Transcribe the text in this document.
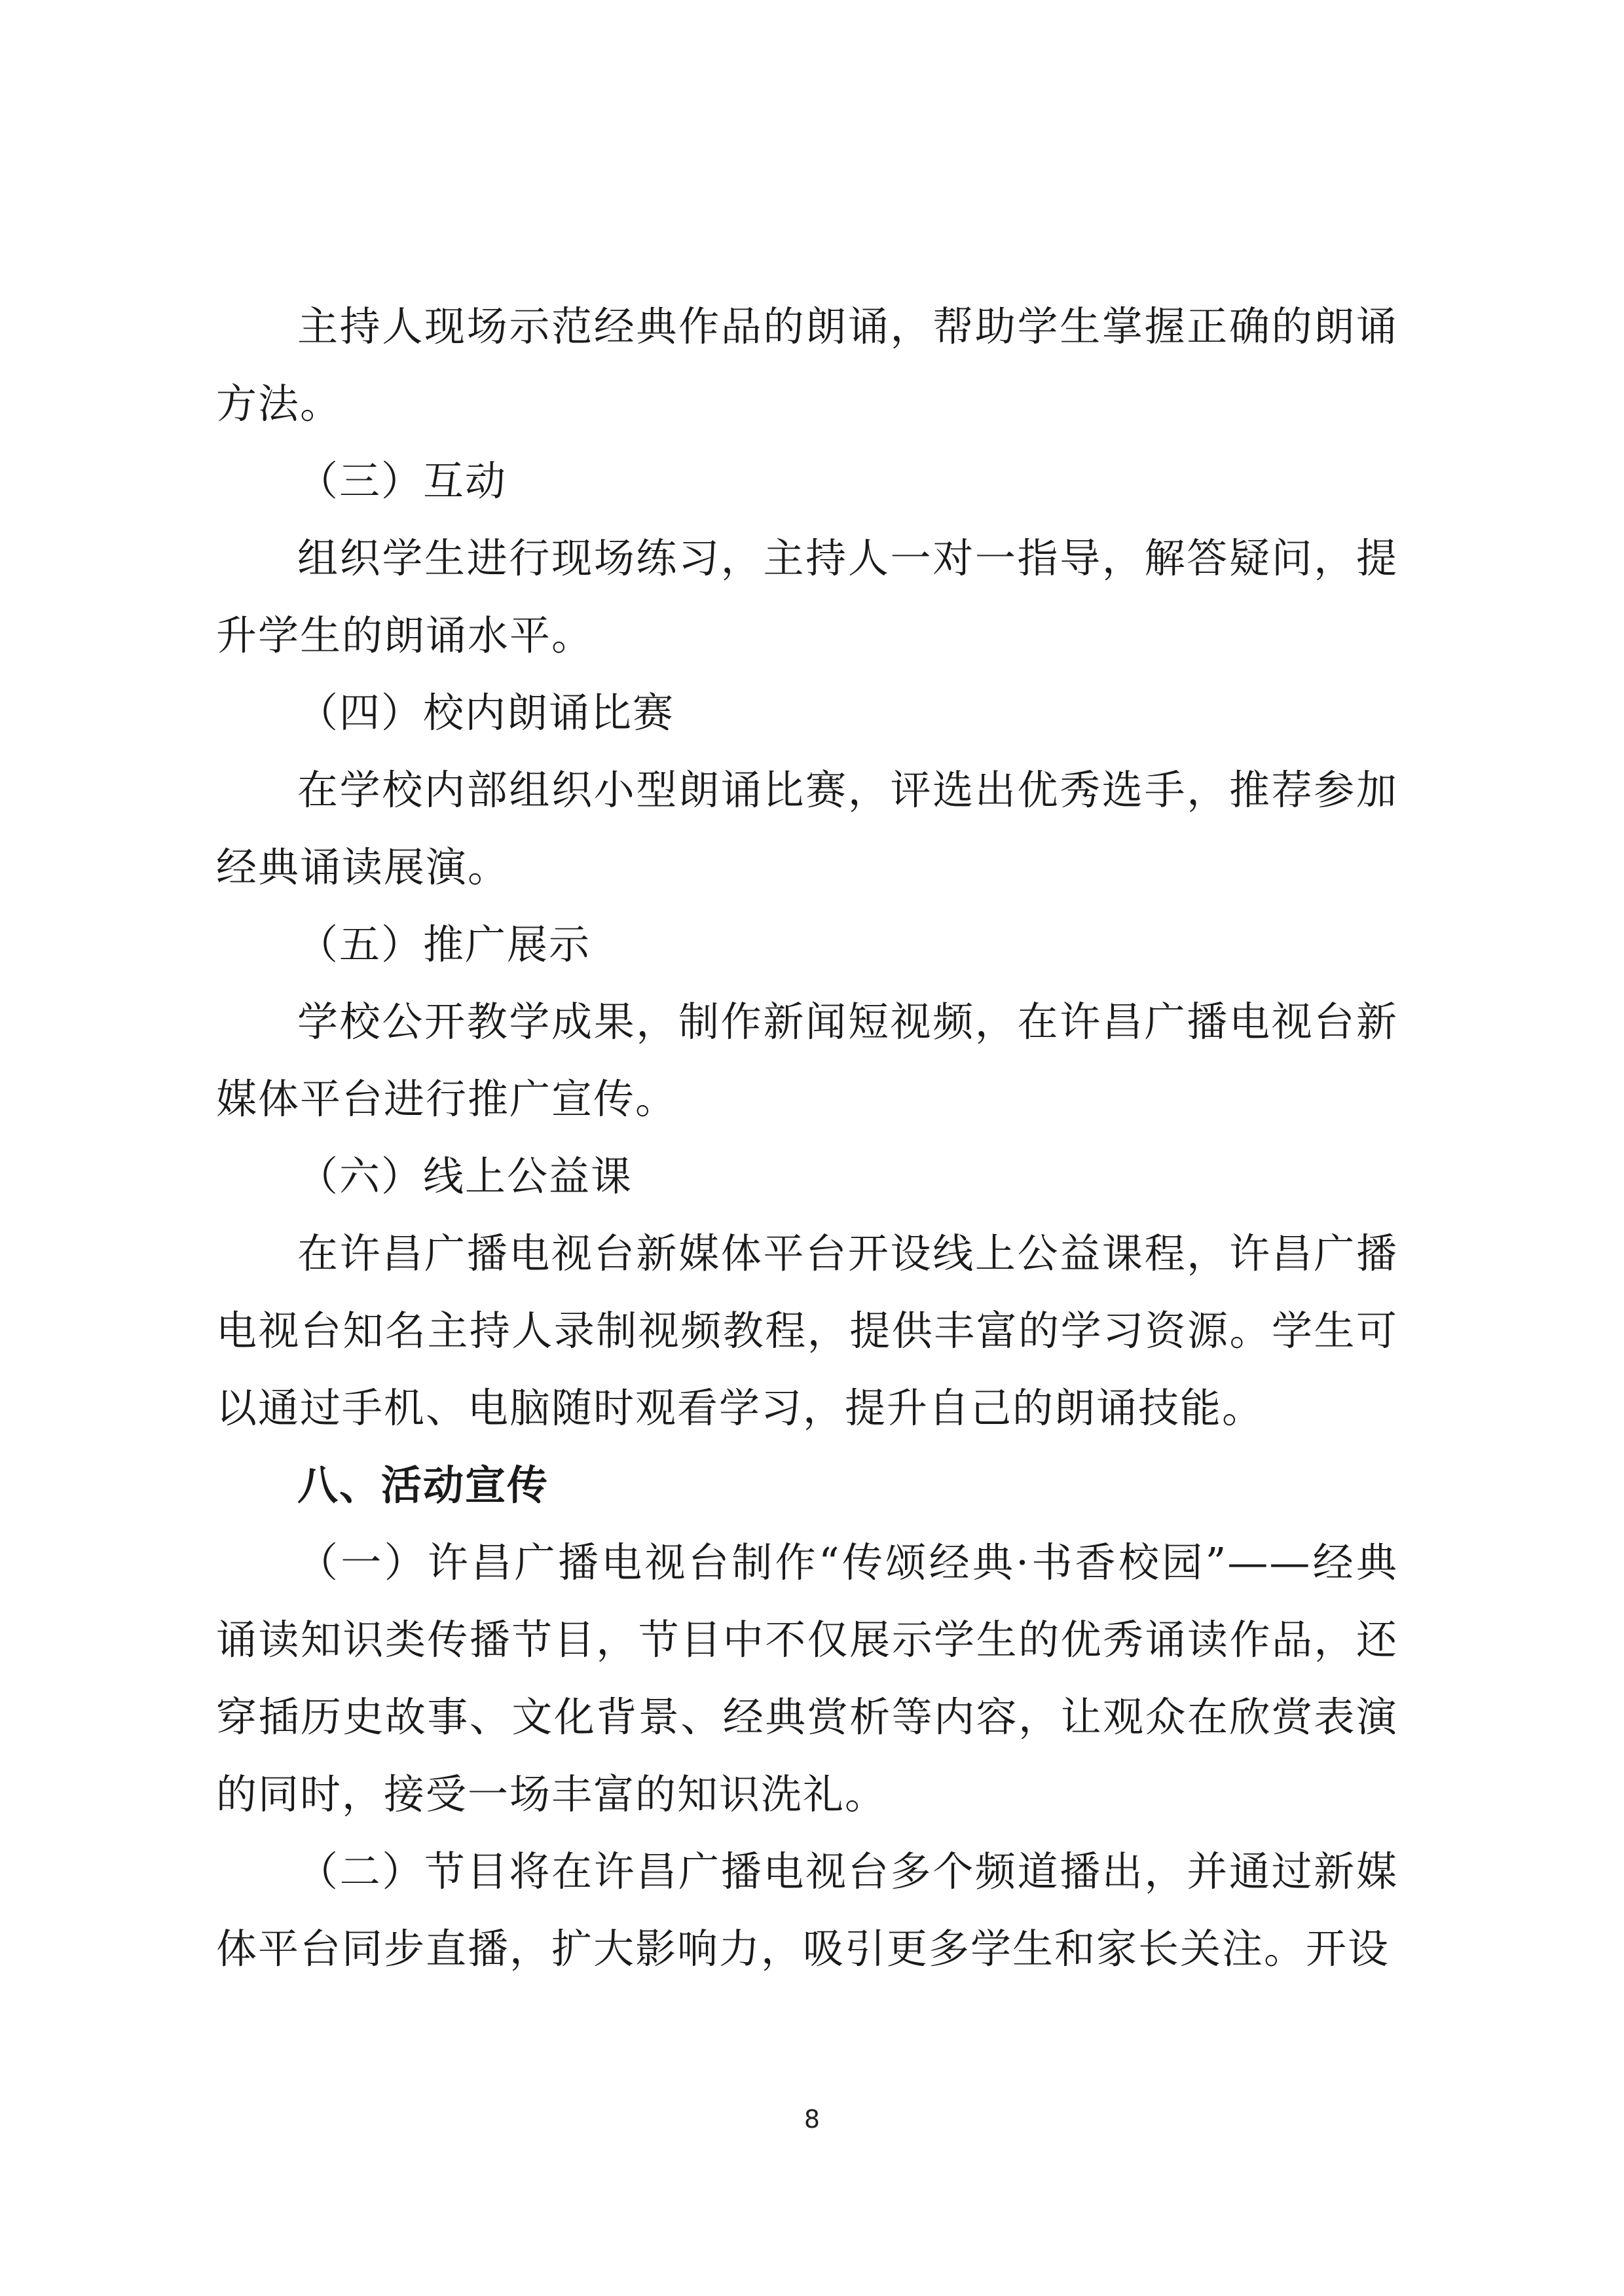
主持人现场示范经典作品的朗诵，帮助学生掌握正确的朗诵方法。

（三）互动

组织学生进行现场练习，主持人一对一指导，解答疑问，提升学生的朗诵水平。

（四）校内朗诵比赛

在学校内部组织小型朗诵比赛，评选出优秀选手，推荐参加经典诵读展演。

（五）推广展示

学校公开教学成果，制作新闻短视频，在许昌广播电视台新媒体平台进行推广宣传。

（六）线上公益课

在许昌广播电视台新媒体平台开设线上公益课程，许昌广播电视台知名主持人录制视频教程，提供丰富的学习资源。学生可以通过手机、电脑随时观看学习，提升自己的朗诵技能。

八、活动宣传

（一）许昌广播电视台制作“传颂经典·书香校园”——经典诵读知识类传播节目，节目中不仅展示学生的优秀诵读作品，还穿插历史故事、文化背景、经典赏析等内容，让观众在欣赏表演的同时，接受一场丰富的知识洗礼。

（二）节目将在许昌广播电视台多个频道播出，并通过新媒体平台同步直播，扩大影响力，吸引更多学生和家长关注。开设

8
